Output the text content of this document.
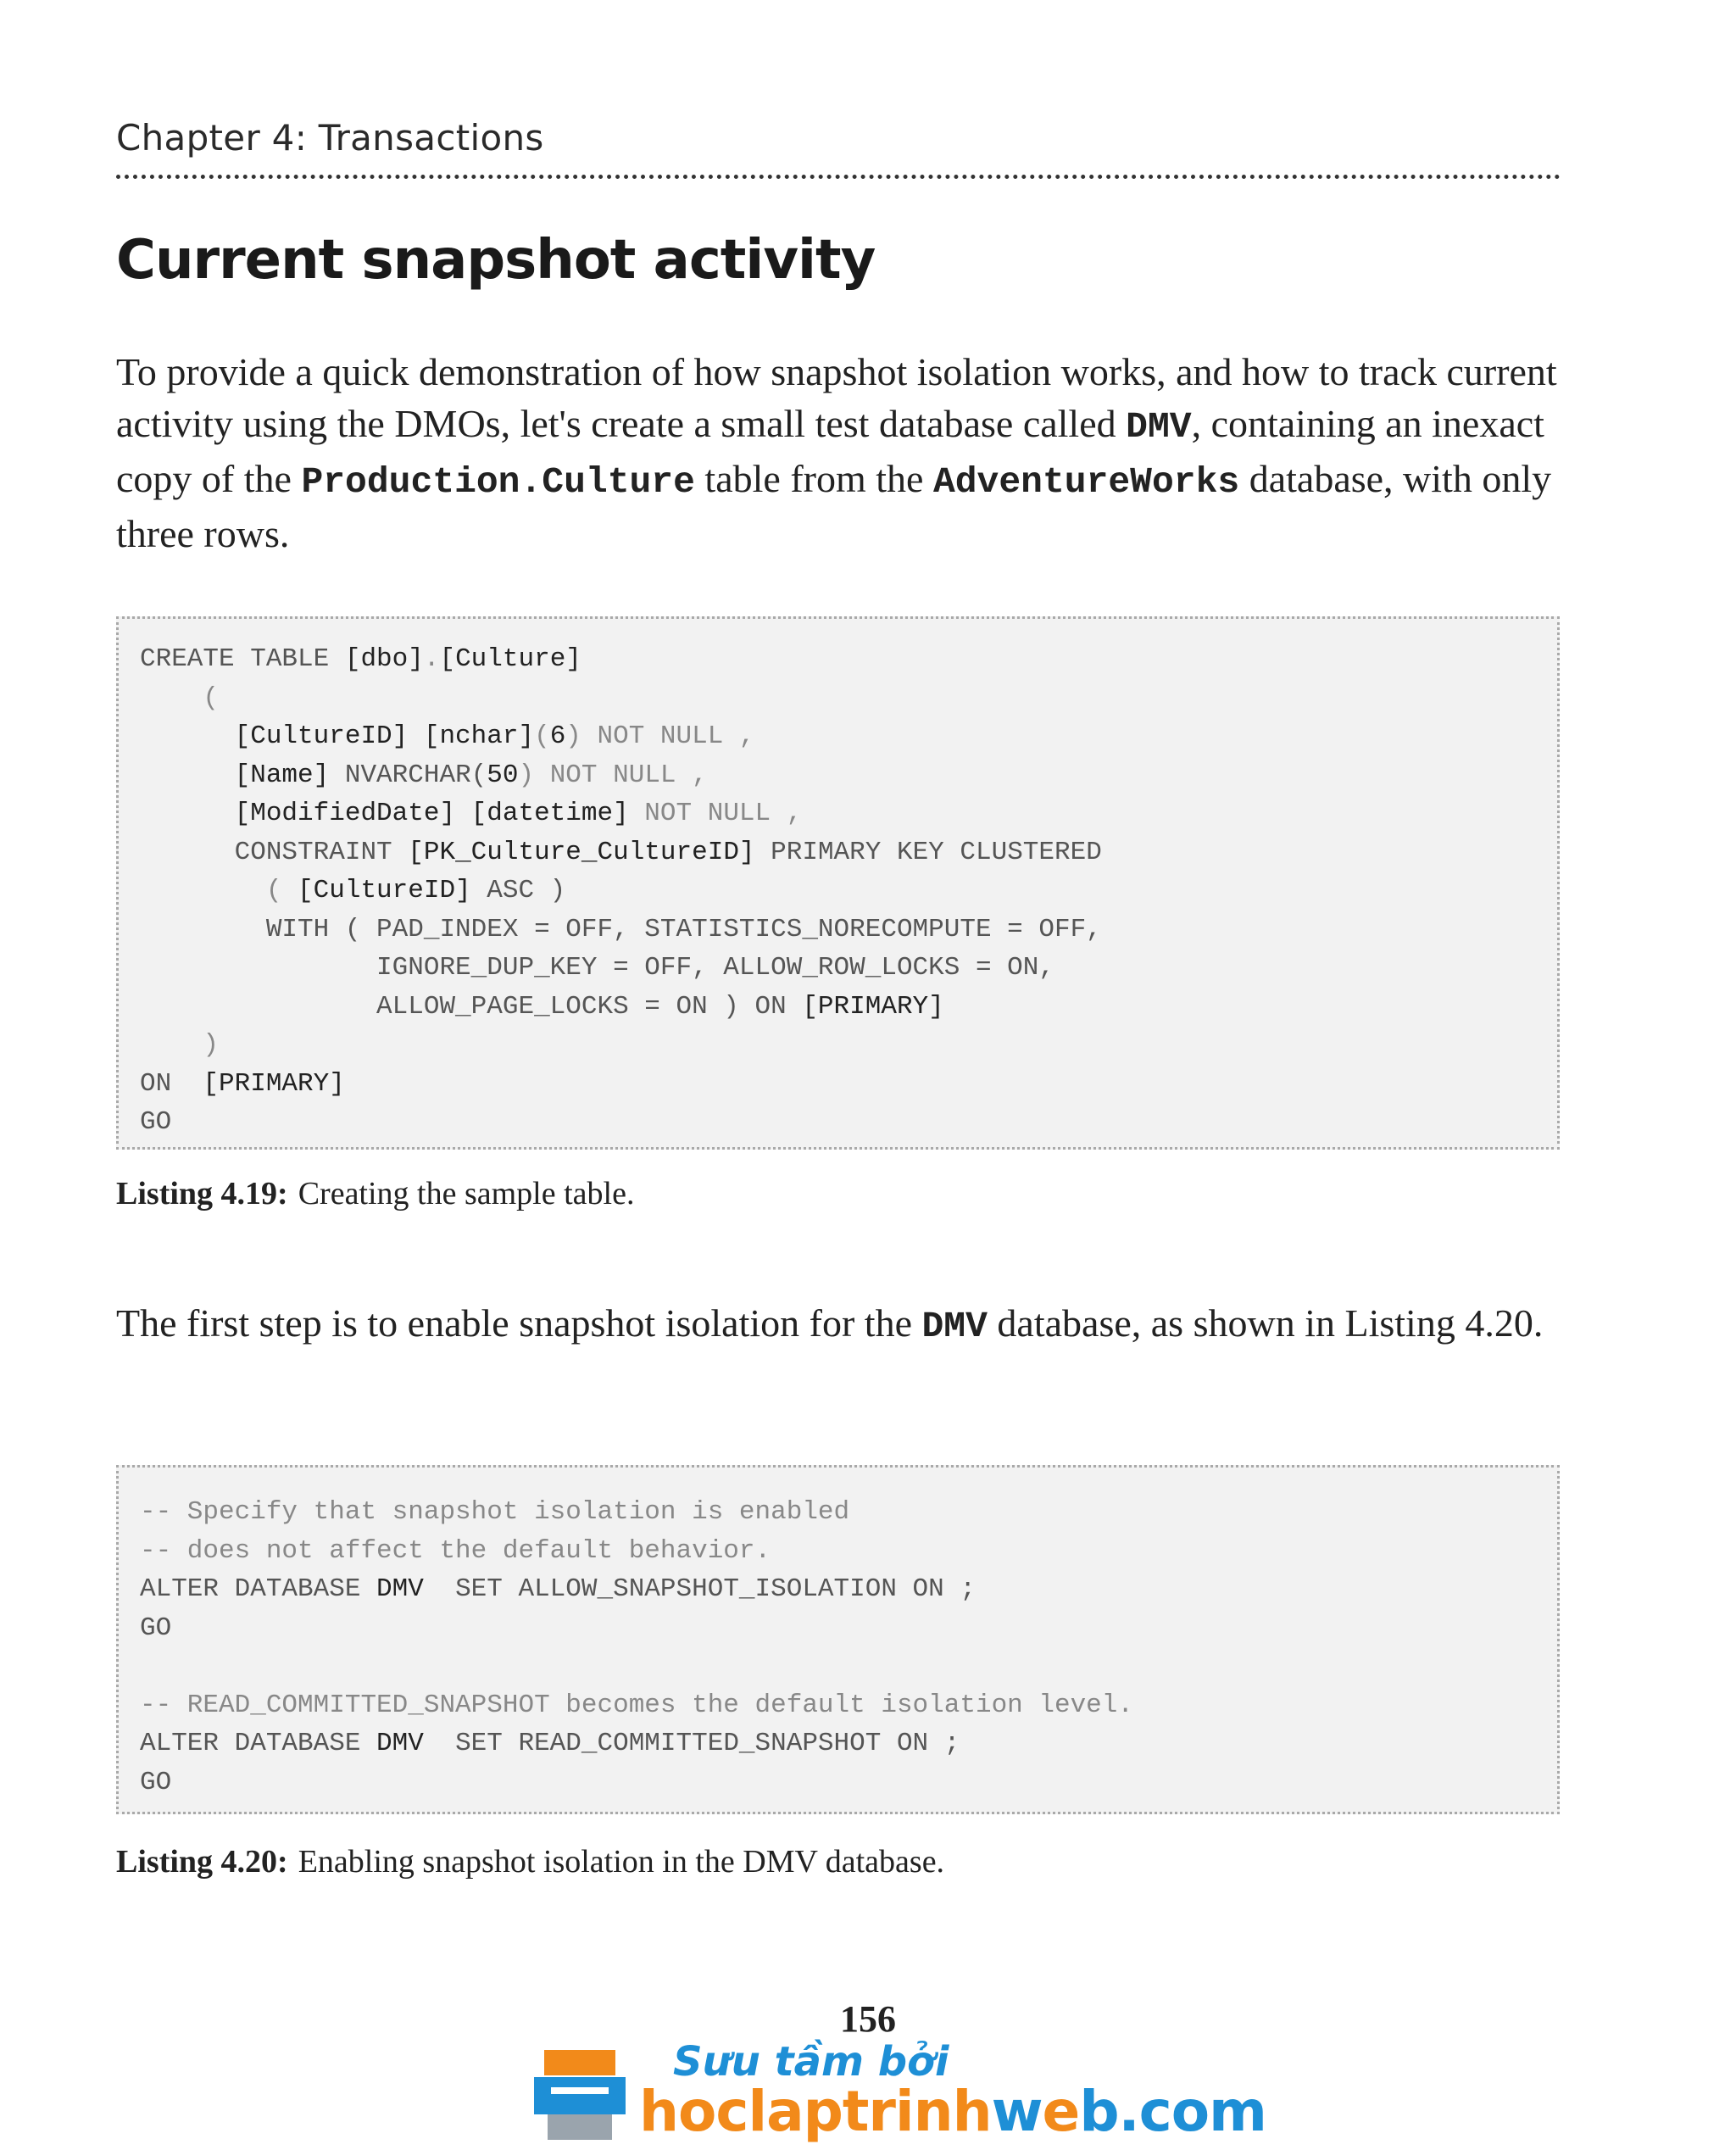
Chapter 4: Transactions
Current snapshot activity

To provide a quick demonstration of how snapshot isolation works, and how to track current activity using the DMOs, let's create a small test database called DMV, containing an inexact copy of the Production.Culture table from the AdventureWorks database, with only three rows.

CREATE TABLE [dbo].[Culture]
(
[CultureID] [nchar](6) NOT NULL ,
[Name] NVARCHAR(50) NOT NULL ,
[ModifiedDate] [datetime] NOT NULL ,
CONSTRAINT [PK_Culture_CultureID] PRIMARY KEY CLUSTERED
( [CultureID] ASC )
WITH ( PAD_INDEX = OFF, STATISTICS_NORECOMPUTE = OFF,
IGNORE_DUP_KEY = OFF, ALLOW_ROW_LOCKS = ON,
ALLOW_PAGE_LOCKS = ON ) ON [PRIMARY]
)
ON  [PRIMARY]
GO
Listing 4.19: Creating the sample table.

The first step is to enable snapshot isolation for the DMV database, as shown in Listing 4.20.

-- Specify that snapshot isolation is enabled
-- does not affect the default behavior.
ALTER DATABASE DMV  SET ALLOW_SNAPSHOT_ISOLATION ON ;
GO

-- READ_COMMITTED_SNAPSHOT becomes the default isolation level.
ALTER DATABASE DMV  SET READ_COMMITTED_SNAPSHOT ON ;
GO
Listing 4.20: Enabling snapshot isolation in the DMV database.
156
Sưu tầm bởi
hoclaptrinhweb.com
